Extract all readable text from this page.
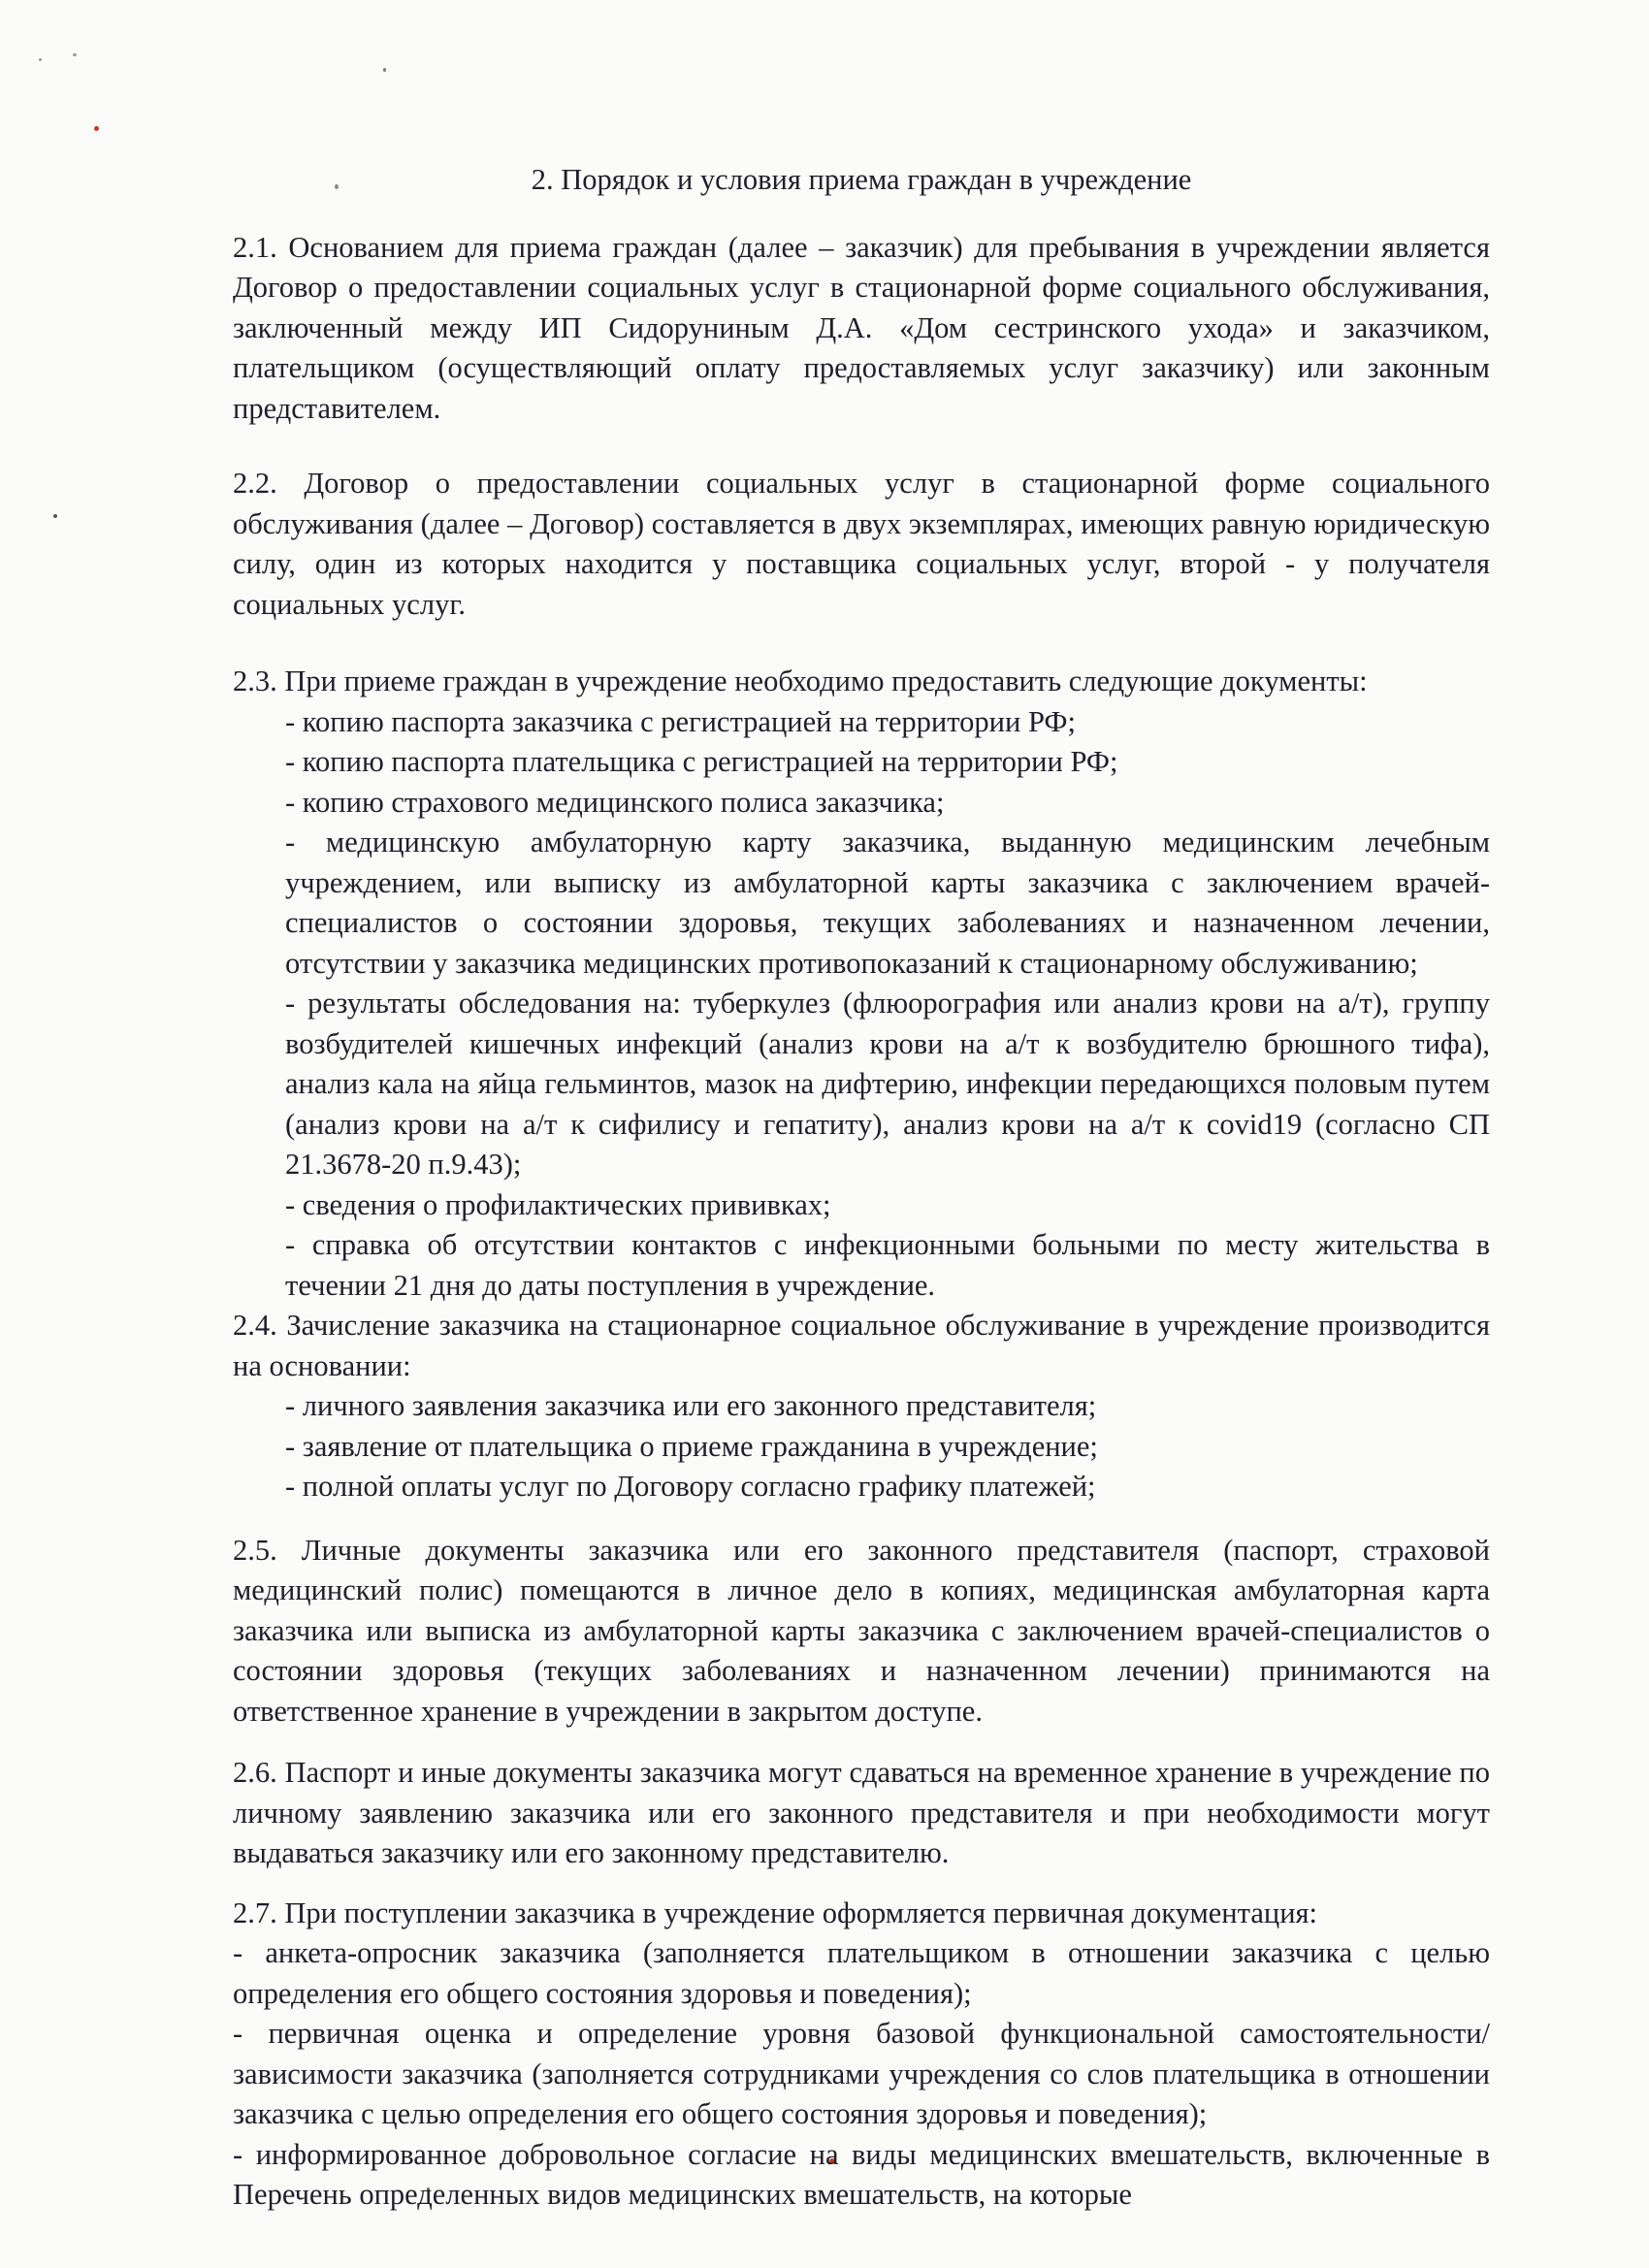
2. Порядок и условия приема граждан в учреждение
2.1. Основанием для приема граждан (далее – заказчик) для пребывания в учреждении является Договор о предоставлении социальных услуг в стационарной форме социального обслуживания, заключенный между ИП Сидоруниным Д.А. «Дом сестринского ухода» и заказчиком, плательщиком (осуществляющий оплату предоставляемых услуг заказчику) или законным представителем.
2.2. Договор о предоставлении социальных услуг в стационарной форме социального обслуживания (далее – Договор) составляется в двух экземплярах, имеющих равную юридическую силу, один из которых находится у поставщика социальных услуг, второй - у получателя социальных услуг.
2.3. При приеме граждан в учреждение необходимо предоставить следующие документы:
- копию паспорта заказчика с регистрацией на территории РФ;
- копию паспорта плательщика с регистрацией на территории РФ;
- копию страхового медицинского полиса заказчика;
- медицинскую амбулаторную карту заказчика, выданную медицинским лечебным учреждением, или выписку из амбулаторной карты заказчика с заключением врачей-специалистов о состоянии здоровья, текущих заболеваниях и назначенном лечении, отсутствии у заказчика медицинских противопоказаний к стационарному обслуживанию;
- результаты обследования на: туберкулез (флюорография или анализ крови на а/т), группу возбудителей кишечных инфекций (анализ крови на а/т к возбудителю брюшного тифа), анализ кала на яйца гельминтов, мазок на дифтерию, инфекции передающихся половым путем (анализ крови на а/т к сифилису и гепатиту), анализ крови на а/т к covid19 (согласно СП 21.3678-20 п.9.43);
- сведения о профилактических прививках;
- справка об отсутствии контактов с инфекционными больными по месту жительства в течении 21 дня до даты поступления в учреждение.
2.4. Зачисление заказчика на стационарное социальное обслуживание в учреждение производится на основании:
- личного заявления заказчика или его законного представителя;
- заявление от плательщика о приеме гражданина в учреждение;
- полной оплаты услуг по Договору согласно графику платежей;
2.5. Личные документы заказчика или его законного представителя (паспорт, страховой медицинский полис) помещаются в личное дело в копиях, медицинская амбулаторная карта заказчика или выписка из амбулаторной карты заказчика с заключением врачей-специалистов о состоянии здоровья (текущих заболеваниях и назначенном лечении) принимаются на ответственное хранение в учреждении в закрытом доступе.
2.6. Паспорт и иные документы заказчика могут сдаваться на временное хранение в учреждение по личному заявлению заказчика или его законного представителя и при необходимости могут выдаваться заказчику или его законному представителю.
2.7. При поступлении заказчика в учреждение оформляется первичная документация:
- анкета-опросник заказчика (заполняется плательщиком в отношении заказчика с целью определения его общего состояния здоровья и поведения);
- первичная оценка и определение уровня базовой функциональной самостоятельности/зависимости заказчика (заполняется сотрудниками учреждения со слов плательщика в отношении заказчика с целью определения его общего состояния здоровья и поведения);
- информированное добровольное согласие на виды медицинских вмешательств, включенные в Перечень определенных видов медицинских вмешательств, на которые
